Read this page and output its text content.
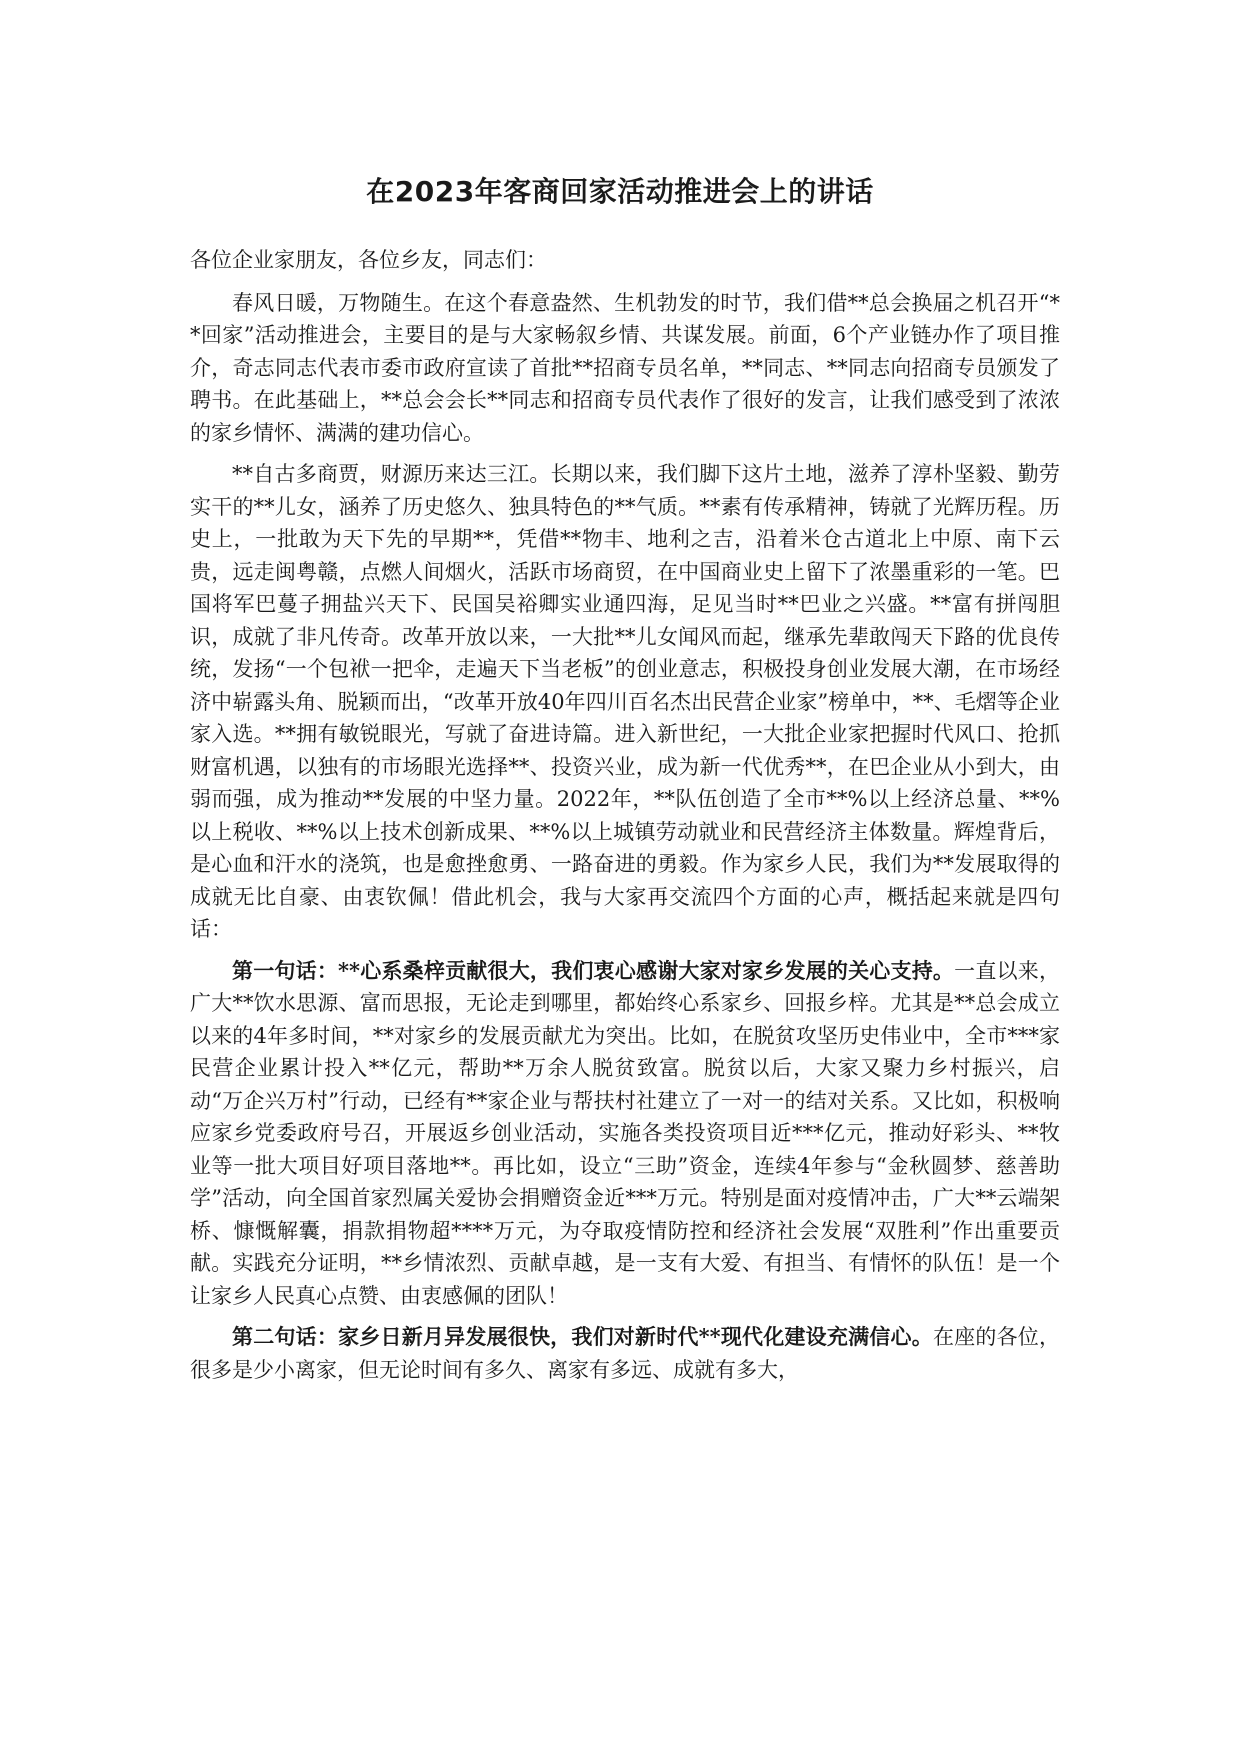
在2023年客商回家活动推进会上的讲话

各位企业家朋友，各位乡友，同志们：

春风日暖，万物随生。在这个春意盎然、生机勃发的时节，我们借**总会换届之机召开“**回家”活动推进会，主要目的是与大家畅叙乡情、共谋发展。前面，6个产业链办作了项目推介，奇志同志代表市委市政府宣读了首批**招商专员名单，**同志、**同志向招商专员颁发了聘书。在此基础上，**总会会长**同志和招商专员代表作了很好的发言，让我们感受到了浓浓的家乡情怀、满满的建功信心。

**自古多商贾，财源历来达三江。长期以来，我们脚下这片土地，滋养了淳朴坚毅、勤劳实干的**儿女，涵养了历史悠久、独具特色的**气质。**素有传承精神，铸就了光辉历程。历史上，一批敢为天下先的早期**，凭借**物丰、地利之吉，沿着米仓古道北上中原、南下云贵，远走闽粤赣，点燃人间烟火，活跃市场商贸，在中国商业史上留下了浓墨重彩的一笔。巴国将军巴蔓子拥盐兴天下、民国吴裕卿实业通四海，足见当时**巴业之兴盛。**富有拼闯胆识，成就了非凡传奇。改革开放以来，一大批**儿女闻风而起，继承先辈敢闯天下路的优良传统，发扬“一个包袱一把伞，走遍天下当老板”的创业意志，积极投身创业发展大潮，在市场经济中崭露头角、脱颖而出，“改革开放40年四川百名杰出民营企业家”榜单中，**、毛熠等企业家入选。**拥有敏锐眼光，写就了奋进诗篇。进入新世纪，一大批企业家把握时代风口、抢抓财富机遇，以独有的市场眼光选择**、投资兴业，成为新一代优秀**，在巴企业从小到大，由弱而强，成为推动**发展的中坚力量。2022年，**队伍创造了全市**%以上经济总量、**%以上税收、**%以上技术创新成果、**%以上城镇劳动就业和民营经济主体数量。辉煌背后，是心血和汗水的浇筑，也是愈挫愈勇、一路奋进的勇毅。作为家乡人民，我们为**发展取得的成就无比自豪、由衷钦佩！借此机会，我与大家再交流四个方面的心声，概括起来就是四句话：

第一句话：**心系桑梓贡献很大，我们衷心感谢大家对家乡发展的关心支持。一直以来，广大**饮水思源、富而思报，无论走到哪里，都始终心系家乡、回报乡梓。尤其是**总会成立以来的4年多时间，**对家乡的发展贡献尤为突出。比如，在脱贫攻坚历史伟业中，全市***家民营企业累计投入**亿元，帮助**万余人脱贫致富。脱贫以后，大家又聚力乡村振兴，启动“万企兴万村”行动，已经有**家企业与帮扶村社建立了一对一的结对关系。又比如，积极响应家乡党委政府号召，开展返乡创业活动，实施各类投资项目近***亿元，推动好彩头、**牧业等一批大项目好项目落地**。再比如，设立“三助”资金，连续4年参与“金秋圆梦、慈善助学”活动，向全国首家烈属关爱协会捐赠资金近***万元。特别是面对疫情冲击，广大**云端架桥、慷慨解囊，捐款捐物超****万元，为夺取疫情防控和经济社会发展“双胜利”作出重要贡献。实践充分证明，**乡情浓烈、贡献卓越，是一支有大爱、有担当、有情怀的队伍！是一个让家乡人民真心点赞、由衷感佩的团队！

第二句话：家乡日新月异发展很快，我们对新时代**现代化建设充满信心。在座的各位，很多是少小离家，但无论时间有多久、离家有多远、成就有多大，
